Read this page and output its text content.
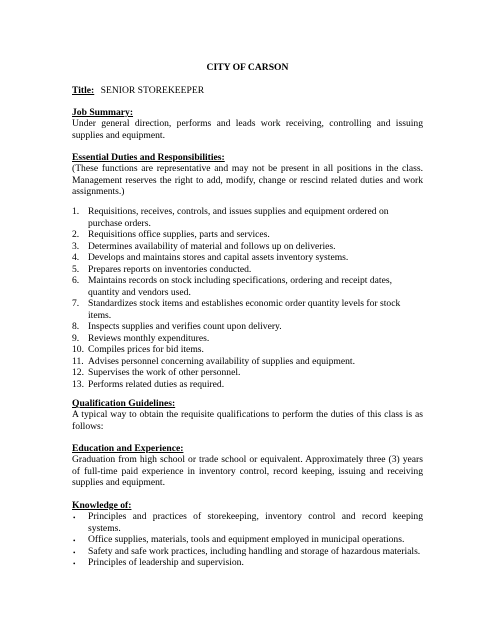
CITY OF CARSON
Title: SENIOR STOREKEEPER
Job Summary:
Under general direction, performs and leads work receiving, controlling and issuing supplies and equipment.
Essential Duties and Responsibilities:
(These functions are representative and may not be present in all positions in the class. Management reserves the right to add, modify, change or rescind related duties and work assignments.)
1. Requisitions, receives, controls, and issues supplies and equipment ordered on purchase orders.
2. Requisitions office supplies, parts and services.
3. Determines availability of material and follows up on deliveries.
4. Develops and maintains stores and capital assets inventory systems.
5. Prepares reports on inventories conducted.
6. Maintains records on stock including specifications, ordering and receipt dates, quantity and vendors used.
7. Standardizes stock items and establishes economic order quantity levels for stock items.
8. Inspects supplies and verifies count upon delivery.
9. Reviews monthly expenditures.
10. Compiles prices for bid items.
11. Advises personnel concerning availability of supplies and equipment.
12. Supervises the work of other personnel.
13. Performs related duties as required.
Qualification Guidelines:
A typical way to obtain the requisite qualifications to perform the duties of this class is as follows:
Education and Experience:
Graduation from high school or trade school or equivalent. Approximately three (3) years of full-time paid experience in inventory control, record keeping, issuing and receiving supplies and equipment.
Knowledge of:
• Principles and practices of storekeeping, inventory control and record keeping systems.
• Office supplies, materials, tools and equipment employed in municipal operations.
• Safety and safe work practices, including handling and storage of hazardous materials.
• Principles of leadership and supervision.
